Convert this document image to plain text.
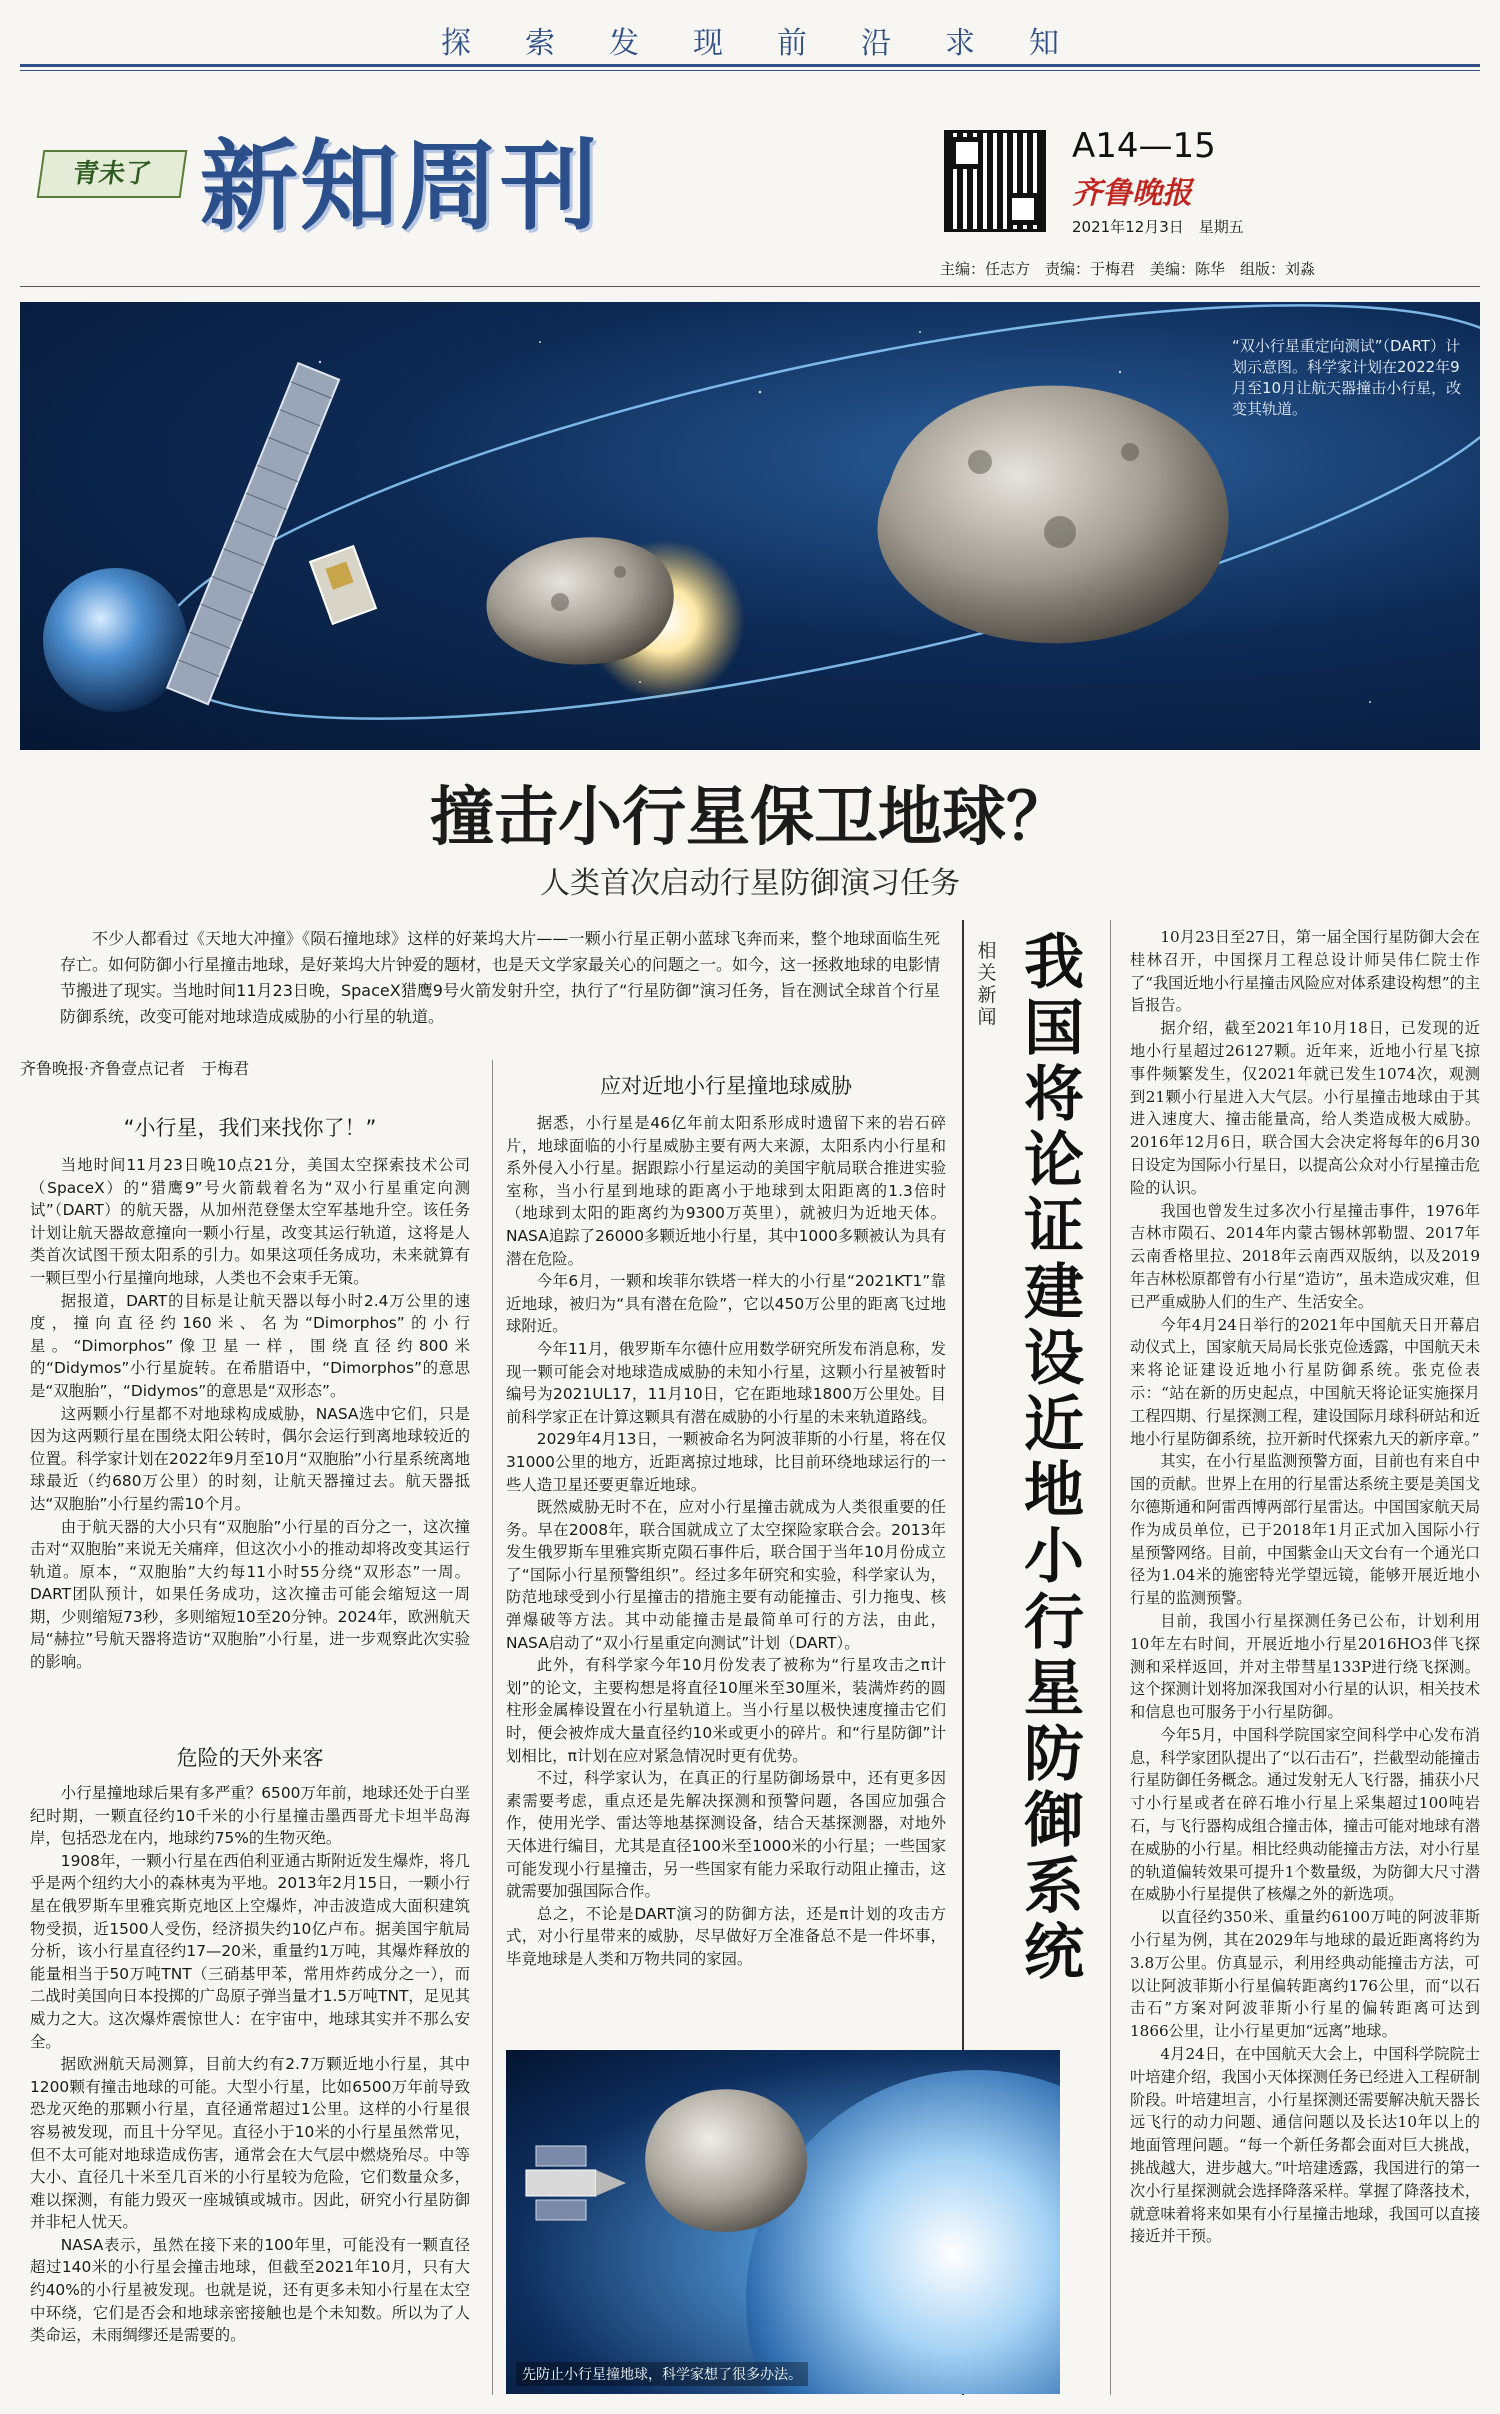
探 索 发 现 前 沿 求 知
青未了 新知周刊	A14—15
齐鲁晚报
2021年12月3日　星期五
主编：任志方　责编：于梅君　美编：陈华　组版：刘淼
“双小行星重定向测试”（DART）计划示意图。科学家计划在2022年9月至10月让航天器撞击小行星，改变其轨道。
撞击小行星保卫地球？
人类首次启动行星防御演习任务
不少人都看过《天地大冲撞》《陨石撞地球》这样的好莱坞大片——一颗小行星正朝小蓝球飞奔而来，整个地球面临生死存亡。如何防御小行星撞击地球，是好莱坞大片钟爱的题材，也是天文学家最关心的问题之一。如今，这一拯救地球的电影情节搬进了现实。当地时间11月23日晚，SpaceX猎鹰9号火箭发射升空，执行了“行星防御”演习任务，旨在测试全球首个行星防御系统，改变可能对地球造成威胁的小行星的轨道。
齐鲁晚报·齐鲁壹点记者　于梅君
“小行星，我们来找你了！”

当地时间11月23日晚10点21分，美国太空探索技术公司（SpaceX）的“猎鹰9”号火箭载着名为“双小行星重定向测试”（DART）的航天器，从加州范登堡太空军基地升空。该任务计划让航天器故意撞向一颗小行星，改变其运行轨道，这将是人类首次试图干预太阳系的引力。如果这项任务成功，未来就算有一颗巨型小行星撞向地球，人类也不会束手无策。

据报道，DART的目标是让航天器以每小时2.4万公里的速度，撞向直径约160米、名为“Dimorphos”的小行星。“Dimorphos”像卫星一样，围绕直径约800米的“Didymos”小行星旋转。在希腊语中，“Dimorphos”的意思是“双胞胎”，“Didymos”的意思是“双形态”。

这两颗小行星都不对地球构成威胁，NASA选中它们，只是因为这两颗行星在围绕太阳公转时，偶尔会运行到离地球较近的位置。科学家计划在2022年9月至10月“双胞胎”小行星系统离地球最近（约680万公里）的时刻，让航天器撞过去。航天器抵达“双胞胎”小行星约需10个月。

由于航天器的大小只有“双胞胎”小行星的百分之一，这次撞击对“双胞胎”来说无关痛痒，但这次小小的推动却将改变其运行轨道。原本，“双胞胎”大约每11小时55分绕“双形态”一周。DART团队预计，如果任务成功，这次撞击可能会缩短这一周期，少则缩短73秒，多则缩短10至20分钟。2024年，欧洲航天局“赫拉”号航天器将造访“双胞胎”小行星，进一步观察此次实验的影响。

危险的天外来客

小行星撞地球后果有多严重？6500万年前，地球还处于白垩纪时期，一颗直径约10千米的小行星撞击墨西哥尤卡坦半岛海岸，包括恐龙在内，地球约75%的生物灭绝。

1908年，一颗小行星在西伯利亚通古斯附近发生爆炸，将几乎是两个纽约大小的森林夷为平地。2013年2月15日，一颗小行星在俄罗斯车里雅宾斯克地区上空爆炸，冲击波造成大面积建筑物受损，近1500人受伤，经济损失约10亿卢布。据美国宇航局分析，该小行星直径约17—20米，重量约1万吨，其爆炸释放的能量相当于50万吨TNT（三硝基甲苯，常用炸药成分之一），而二战时美国向日本投掷的广岛原子弹当量才1.5万吨TNT，足见其威力之大。这次爆炸震惊世人：在宇宙中，地球其实并不那么安全。

据欧洲航天局测算，目前大约有2.7万颗近地小行星，其中1200颗有撞击地球的可能。大型小行星，比如6500万年前导致恐龙灭绝的那颗小行星，直径通常超过1公里。这样的小行星很容易被发现，而且十分罕见。直径小于10米的小行星虽然常见，但不太可能对地球造成伤害，通常会在大气层中燃烧殆尽。中等大小、直径几十米至几百米的小行星较为危险，它们数量众多，难以探测，有能力毁灭一座城镇或城市。因此，研究小行星防御并非杞人忧天。

NASA表示，虽然在接下来的100年里，可能没有一颗直径超过140米的小行星会撞击地球，但截至2021年10月，只有大约40%的小行星被发现。也就是说，还有更多未知小行星在太空中环绕，它们是否会和地球亲密接触也是个未知数。所以为了人类命运，未雨绸缪还是需要的。

应对近地小行星撞地球威胁

据悉，小行星是46亿年前太阳系形成时遗留下来的岩石碎片，地球面临的小行星威胁主要有两大来源，太阳系内小行星和系外侵入小行星。据跟踪小行星运动的美国宇航局联合推进实验室称，当小行星到地球的距离小于地球到太阳距离的1.3倍时（地球到太阳的距离约为9300万英里），就被归为近地天体。NASA追踪了26000多颗近地小行星，其中1000多颗被认为具有潜在危险。

今年6月，一颗和埃菲尔铁塔一样大的小行星“2021KT1”靠近地球，被归为“具有潜在危险”，它以450万公里的距离飞过地球附近。

今年11月，俄罗斯车尔德什应用数学研究所发布消息称，发现一颗可能会对地球造成威胁的未知小行星，这颗小行星被暂时编号为2021UL17，11月10日，它在距地球1800万公里处。目前科学家正在计算这颗具有潜在威胁的小行星的未来轨道路线。

2029年4月13日，一颗被命名为阿波菲斯的小行星，将在仅31000公里的地方，近距离掠过地球，比目前环绕地球运行的一些人造卫星还要更靠近地球。

既然威胁无时不在，应对小行星撞击就成为人类很重要的任务。早在2008年，联合国就成立了太空探险家联合会。2013年发生俄罗斯车里雅宾斯克陨石事件后，联合国于当年10月份成立了“国际小行星预警组织”。经过多年研究和实验，科学家认为，防范地球受到小行星撞击的措施主要有动能撞击、引力拖曳、核弹爆破等方法。其中动能撞击是最简单可行的方法，由此，NASA启动了“双小行星重定向测试”计划（DART）。

此外，有科学家今年10月份发表了被称为“行星攻击之π计划”的论文，主要构想是将直径10厘米至30厘米，装满炸药的圆柱形金属棒设置在小行星轨道上。当小行星以极快速度撞击它们时，便会被炸成大量直径约10米或更小的碎片。和“行星防御”计划相比，π计划在应对紧急情况时更有优势。

不过，科学家认为，在真正的行星防御场景中，还有更多因素需要考虑，重点还是先解决探测和预警问题，各国应加强合作，使用光学、雷达等地基探测设备，结合天基探测器，对地外天体进行编目，尤其是直径100米至1000米的小行星；一些国家可能发现小行星撞击，另一些国家有能力采取行动阻止撞击，这就需要加强国际合作。

总之，不论是DART演习的防御方法，还是π计划的攻击方式，对小行星带来的威胁，尽早做好万全准备总不是一件坏事，毕竟地球是人类和万物共同的家园。

先防止小行星撞地球，科学家想了很多办法。
相关新闻
我国将论证建设近地小行星防御系统

10月23日至27日，第一届全国行星防御大会在桂林召开，中国探月工程总设计师吴伟仁院士作了“我国近地小行星撞击风险应对体系建设构想”的主旨报告。

据介绍，截至2021年10月18日，已发现的近地小行星超过26127颗。近年来，近地小行星飞掠事件频繁发生，仅2021年就已发生1074次，观测到21颗小行星进入大气层。小行星撞击地球由于其进入速度大、撞击能量高，给人类造成极大威胁。2016年12月6日，联合国大会决定将每年的6月30日设定为国际小行星日，以提高公众对小行星撞击危险的认识。

我国也曾发生过多次小行星撞击事件，1976年吉林市陨石、2014年内蒙古锡林郭勒盟、2017年云南香格里拉、2018年云南西双版纳，以及2019年吉林松原都曾有小行星“造访”，虽未造成灾难，但已严重威胁人们的生产、生活安全。

今年4月24日举行的2021年中国航天日开幕启动仪式上，国家航天局局长张克俭透露，中国航天未来将论证建设近地小行星防御系统。张克俭表示：“站在新的历史起点，中国航天将论证实施探月工程四期、行星探测工程，建设国际月球科研站和近地小行星防御系统，拉开新时代探索九天的新序章。”

其实，在小行星监测预警方面，目前也有来自中国的贡献。世界上在用的行星雷达系统主要是美国戈尔德斯通和阿雷西博两部行星雷达。中国国家航天局作为成员单位，已于2018年1月正式加入国际小行星预警网络。目前，中国紫金山天文台有一个通光口径为1.04米的施密特光学望远镜，能够开展近地小行星的监测预警。

目前，我国小行星探测任务已公布，计划利用10年左右时间，开展近地小行星2016HO3伴飞探测和采样返回，并对主带彗星133P进行绕飞探测。这个探测计划将加深我国对小行星的认识，相关技术和信息也可服务于小行星防御。

今年5月，中国科学院国家空间科学中心发布消息，科学家团队提出了“以石击石”，拦截型动能撞击行星防御任务概念。通过发射无人飞行器，捕获小尺寸小行星或者在碎石堆小行星上采集超过100吨岩石，与飞行器构成组合撞击体，撞击可能对地球有潜在威胁的小行星。相比经典动能撞击方法，对小行星的轨道偏转效果可提升1个数量级，为防御大尺寸潜在威胁小行星提供了核爆之外的新选项。

以直径约350米、重量约6100万吨的阿波菲斯小行星为例，其在2029年与地球的最近距离将约为3.8万公里。仿真显示，利用经典动能撞击方法，可以让阿波菲斯小行星偏转距离约176公里，而“以石击石”方案对阿波菲斯小行星的偏转距离可达到1866公里，让小行星更加“远离”地球。

4月24日，在中国航天大会上，中国科学院院士叶培建介绍，我国小天体探测任务已经进入工程研制阶段。叶培建坦言，小行星探测还需要解决航天器长远飞行的动力问题、通信问题以及长达10年以上的地面管理问题。“每一个新任务都会面对巨大挑战，挑战越大，进步越大。”叶培建透露，我国进行的第一次小行星探测就会选择降落采样。掌握了降落技术，就意味着将来如果有小行星撞击地球，我国可以直接接近并干预。
